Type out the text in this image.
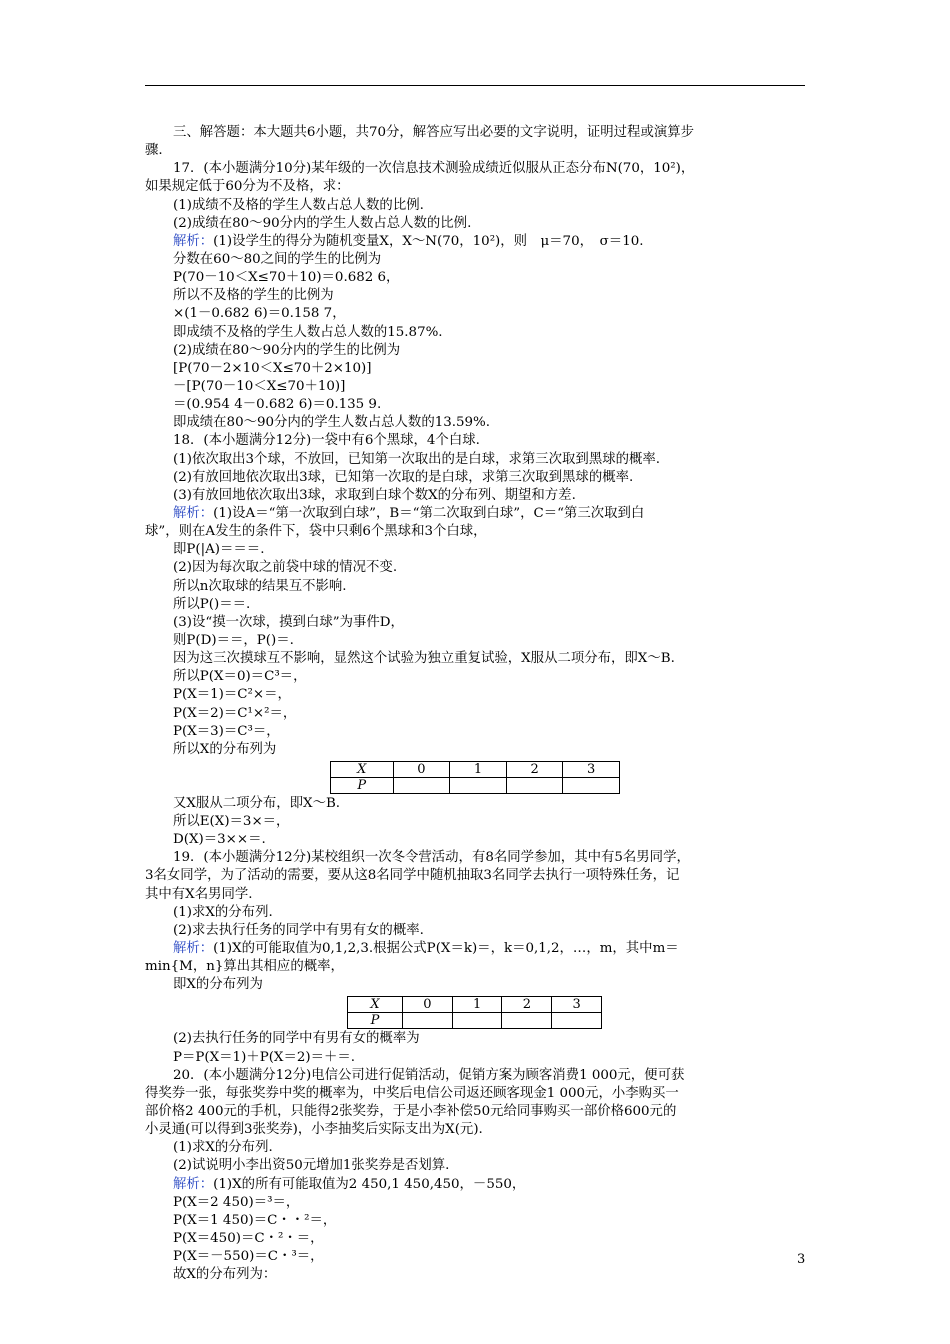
三、解答题：本大题共6小题，共70分，解答应写出必要的文字说明，证明过程或演算步
骤.
17．(本小题满分10分)某年级的一次信息技术测验成绩近似服从正态分布N(70，10²)，
如果规定低于60分为不及格，求：
(1)成绩不及格的学生人数占总人数的比例.
(2)成绩在80～90分内的学生人数占总人数的比例.
解析：(1)设学生的得分为随机变量X，X～N(70，10²)，则　μ＝70，　σ＝10.
分数在60～80之间的学生的比例为
P(70－10＜X≤70＋10)＝0.682 6，
所以不及格的学生的比例为
×(1－0.682 6)＝0.158 7，
即成绩不及格的学生人数占总人数的15.87%.
(2)成绩在80～90分内的学生的比例为
[P(70－2×10＜X≤70＋2×10)]
－[P(70－10＜X≤70＋10)]
＝(0.954 4－0.682 6)＝0.135 9.
即成绩在80～90分内的学生人数占总人数的13.59%.
18．(本小题满分12分)一袋中有6个黑球，4个白球.
(1)依次取出3个球，不放回，已知第一次取出的是白球，求第三次取到黑球的概率.
(2)有放回地依次取出3球，已知第一次取的是白球，求第三次取到黑球的概率.
(3)有放回地依次取出3球，求取到白球个数X的分布列、期望和方差.
解析：(1)设A＝“第一次取到白球”，B＝“第二次取到白球”，C＝“第三次取到白
球”，则在A发生的条件下，袋中只剩6个黑球和3个白球，
即P(|A)＝＝＝.
(2)因为每次取之前袋中球的情况不变.
所以n次取球的结果互不影响.
所以P()＝＝.
(3)设“摸一次球，摸到白球”为事件D，
则P(D)＝＝，P()＝.
因为这三次摸球互不影响，显然这个试验为独立重复试验，X服从二项分布，即X～B.
所以P(X＝0)＝C³＝，
P(X＝1)＝C²×＝，
P(X＝2)＝C¹×²＝，
P(X＝3)＝C³＝，
所以X的分布列为
X	0	1	2	3
P				
又X服从二项分布，即X～B.
所以E(X)＝3×＝，
D(X)＝3××＝.
19．(本小题满分12分)某校组织一次冬令营活动，有8名同学参加，其中有5名男同学，
3名女同学，为了活动的需要，要从这8名同学中随机抽取3名同学去执行一项特殊任务，记
其中有X名男同学.
(1)求X的分布列.
(2)求去执行任务的同学中有男有女的概率.
解析：(1)X的可能取值为0,1,2,3.根据公式P(X＝k)＝，k＝0,1,2，…，m，其中m＝
min{M，n}算出其相应的概率，
即X的分布列为
X	0	1	2	3
P				
(2)去执行任务的同学中有男有女的概率为
P＝P(X＝1)＋P(X＝2)＝＋＝.
20．(本小题满分12分)电信公司进行促销活动，促销方案为顾客消费1 000元，便可获
得奖券一张，每张奖券中奖的概率为，中奖后电信公司返还顾客现金1 000元，小李购买一
部价格2 400元的手机，只能得2张奖券，于是小李补偿50元给同事购买一部价格600元的
小灵通(可以得到3张奖券)，小李抽奖后实际支出为X(元).
(1)求X的分布列.
(2)试说明小李出资50元增加1张奖券是否划算.
解析：(1)X的所有可能取值为2 450,1 450,450，－550，
P(X＝2 450)＝³＝，
P(X＝1 450)＝C・・²＝，
P(X＝450)＝C・²・＝，
P(X＝－550)＝C・³＝，
故X的分布列为：
3
